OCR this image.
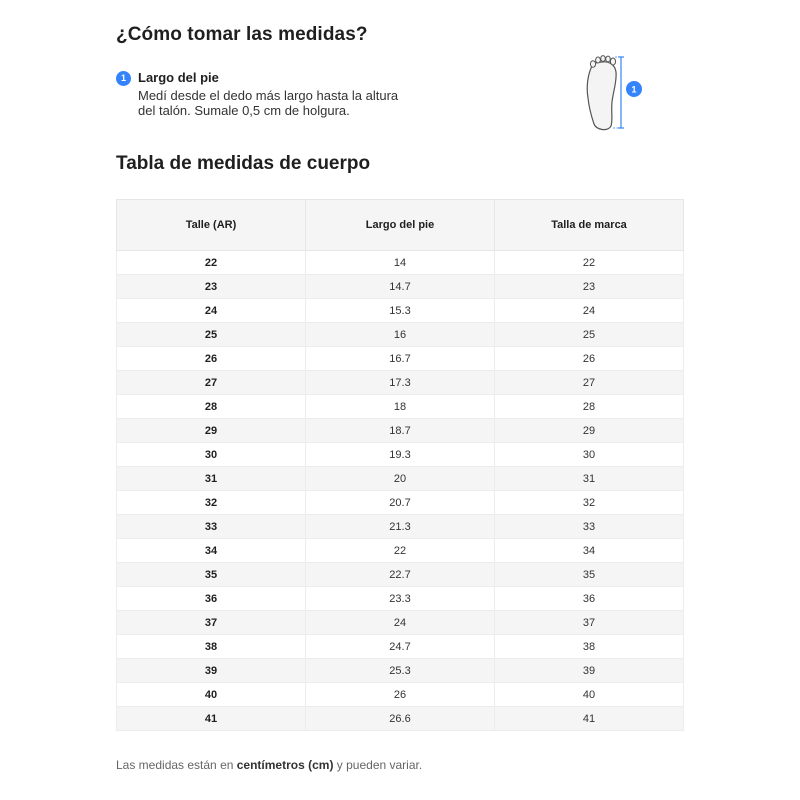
¿Cómo tomar las medidas?
1 Largo del pie
Medí desde el dedo más largo hasta la altura del talón. Sumale 0,5 cm de holgura.
1
Tabla de medidas de cuerpo
Talle (AR)	Largo del pie	Talla de marca
22	14	22
23	14.7	23
24	15.3	24
25	16	25
26	16.7	26
27	17.3	27
28	18	28
29	18.7	29
30	19.3	30
31	20	31
32	20.7	32
33	21.3	33
34	22	34
35	22.7	35
36	23.3	36
37	24	37
38	24.7	38
39	25.3	39
40	26	40
41	26.6	41

Las medidas están en centímetros (cm) y pueden variar.
